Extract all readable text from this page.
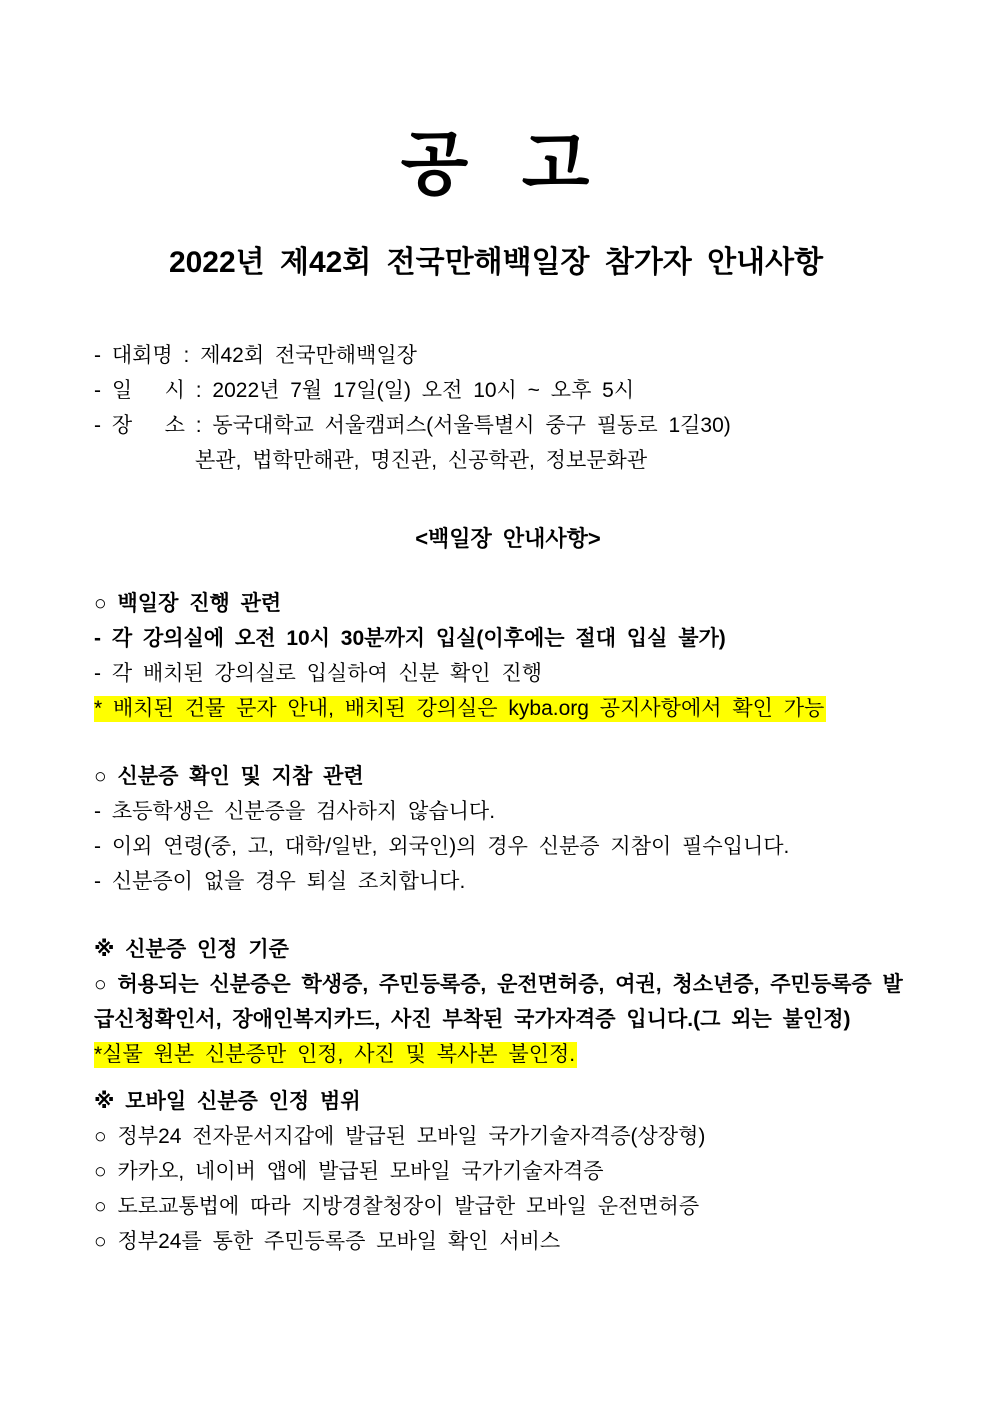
공 고
2022년 제42회 전국만해백일장 참가자 안내사항

- 대회명 : 제42회 전국만해백일장

- 일   시 : 2022년 7월 17일(일) 오전 10시 ~ 오후 5시

- 장   소 : 동국대학교 서울캠퍼스(서울특별시 중구 필동로 1길30)

본관, 법학만해관, 명진관, 신공학관, 정보문화관

<백일장 안내사항>

○ 백일장 진행 관련

- 각 강의실에 오전 10시 30분까지 입실(이후에는 절대 입실 불가)

- 각 배치된 강의실로 입실하여 신분 확인 진행

* 배치된 건물 문자 안내, 배치된 강의실은 kyba.org 공지사항에서 확인 가능

○ 신분증 확인 및 지참 관련

- 초등학생은 신분증을 검사하지 않습니다.

- 이외 연령(중, 고, 대학/일반, 외국인)의 경우 신분증 지참이 필수입니다.

- 신분증이 없을 경우 퇴실 조치합니다.

※ 신분증 인정 기준

○ 허용되는 신분증은 학생증, 주민등록증, 운전면허증, 여권, 청소년증, 주민등록증 발급신청확인서, 장애인복지카드, 사진 부착된 국가자격증 입니다.(그 외는 불인정)

*실물 원본 신분증만 인정, 사진 및 복사본 불인정.

※ 모바일 신분증 인정 범위

○ 정부24 전자문서지갑에 발급된 모바일 국가기술자격증(상장형)

○ 카카오, 네이버 앱에 발급된 모바일 국가기술자격증

○ 도로교통법에 따라 지방경찰청장이 발급한 모바일 운전면허증

○ 정부24를 통한 주민등록증 모바일 확인 서비스
